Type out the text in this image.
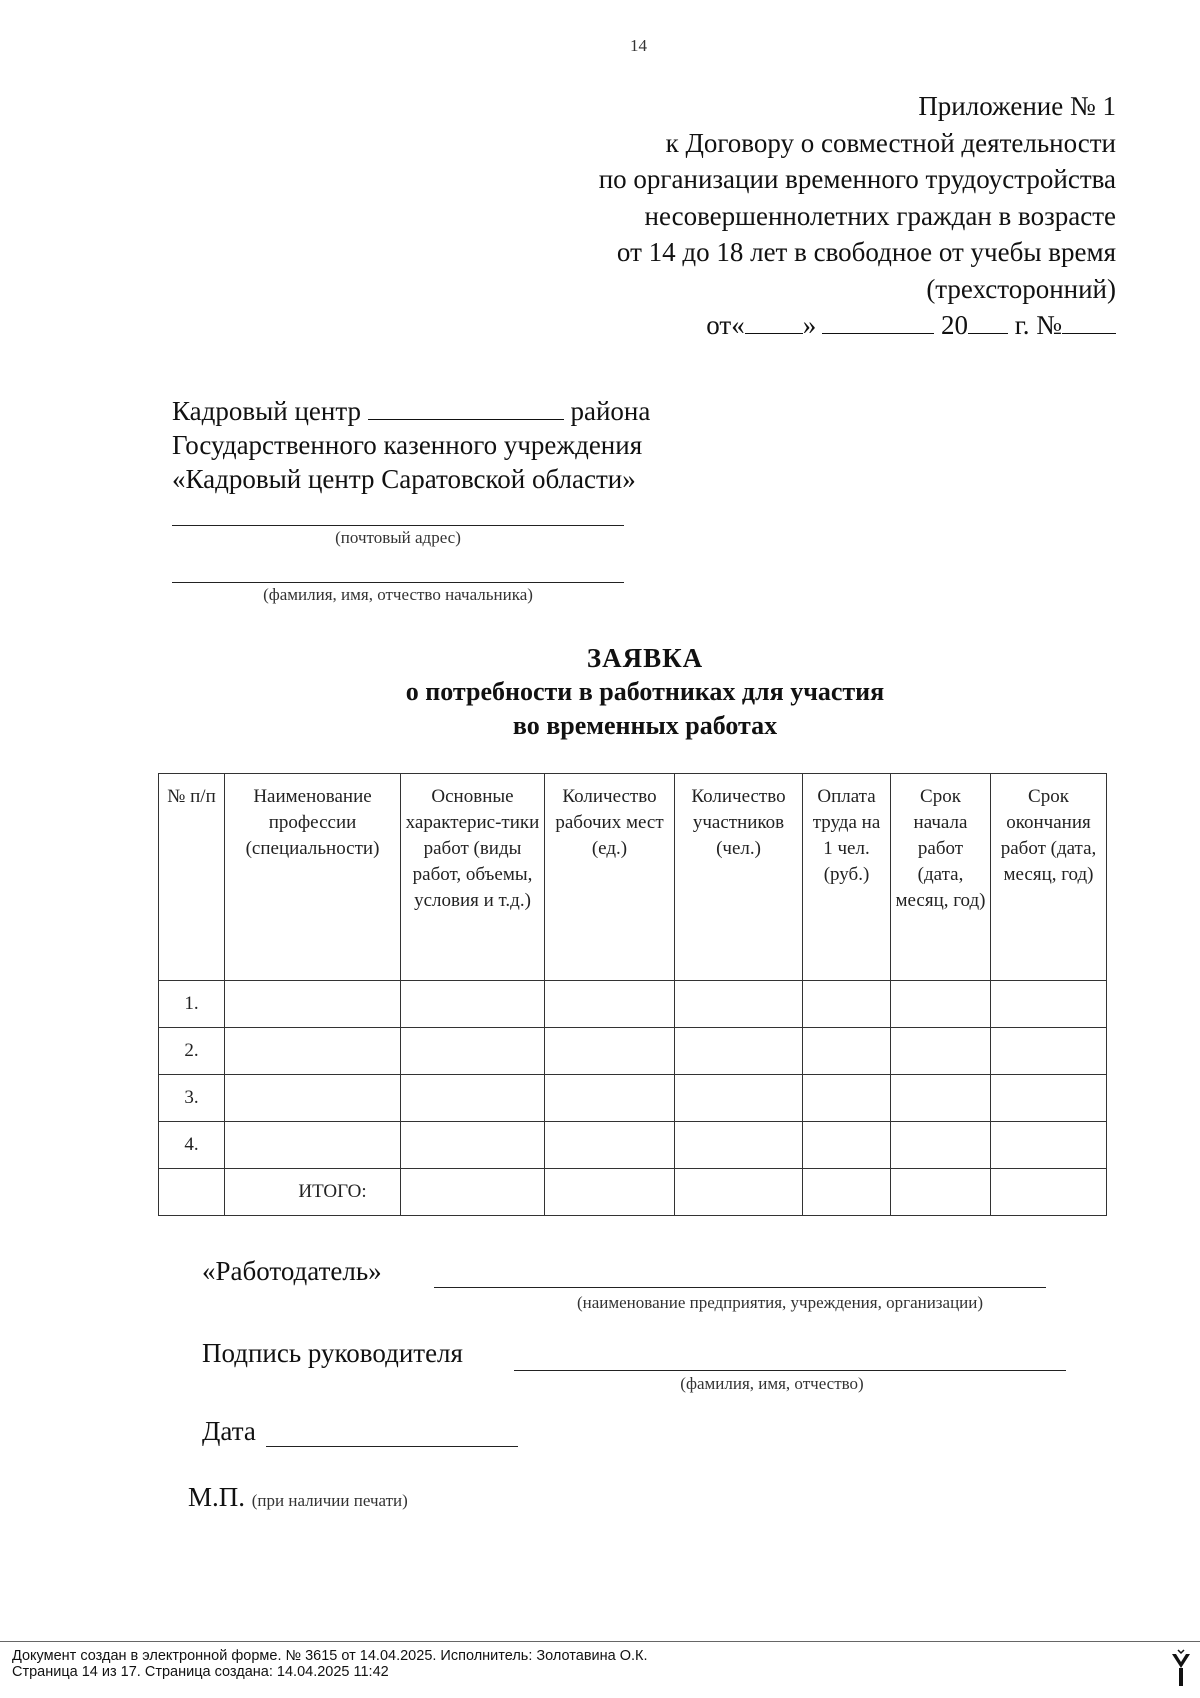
14
Приложение № 1
к Договору о совместной деятельности
по организации временного трудоустройства
несовершеннолетних граждан в возрасте
от 14 до 18 лет в свободное от учебы время
(трехсторонний)
от« »	20 г. №
Кадровый центр	района
Государственного казенного учреждения
«Кадровый центр Саратовской области»
(почтовый адрес)
(фамилия, имя, отчество начальника)
ЗАЯВКА
о потребности в работниках для участия
во временных работах
№ п/п	Наименование профессии (специальности)	Основные характерис-тики работ (виды работ, объемы, условия и т.д.)	Количество рабочих мест (ед.)	Количество участников (чел.)	Оплата труда на 1 чел. (руб.)	Срок начала работ (дата, месяц, год)	Срок окончания работ (дата, месяц, год)
1.							
2.							
3.							
4.							
	ИТОГО:						
«Работодатель»
(наименование предприятия, учреждения, организации)
Подпись руководителя
(фамилия, имя, отчество)
Дата
М.П. (при наличии печати)
Документ создан в электронной форме. № 3615 от 14.04.2025. Исполнитель: Золотавина О.К.
Страница 14 из 17. Страница создана: 14.04.2025 11:42
